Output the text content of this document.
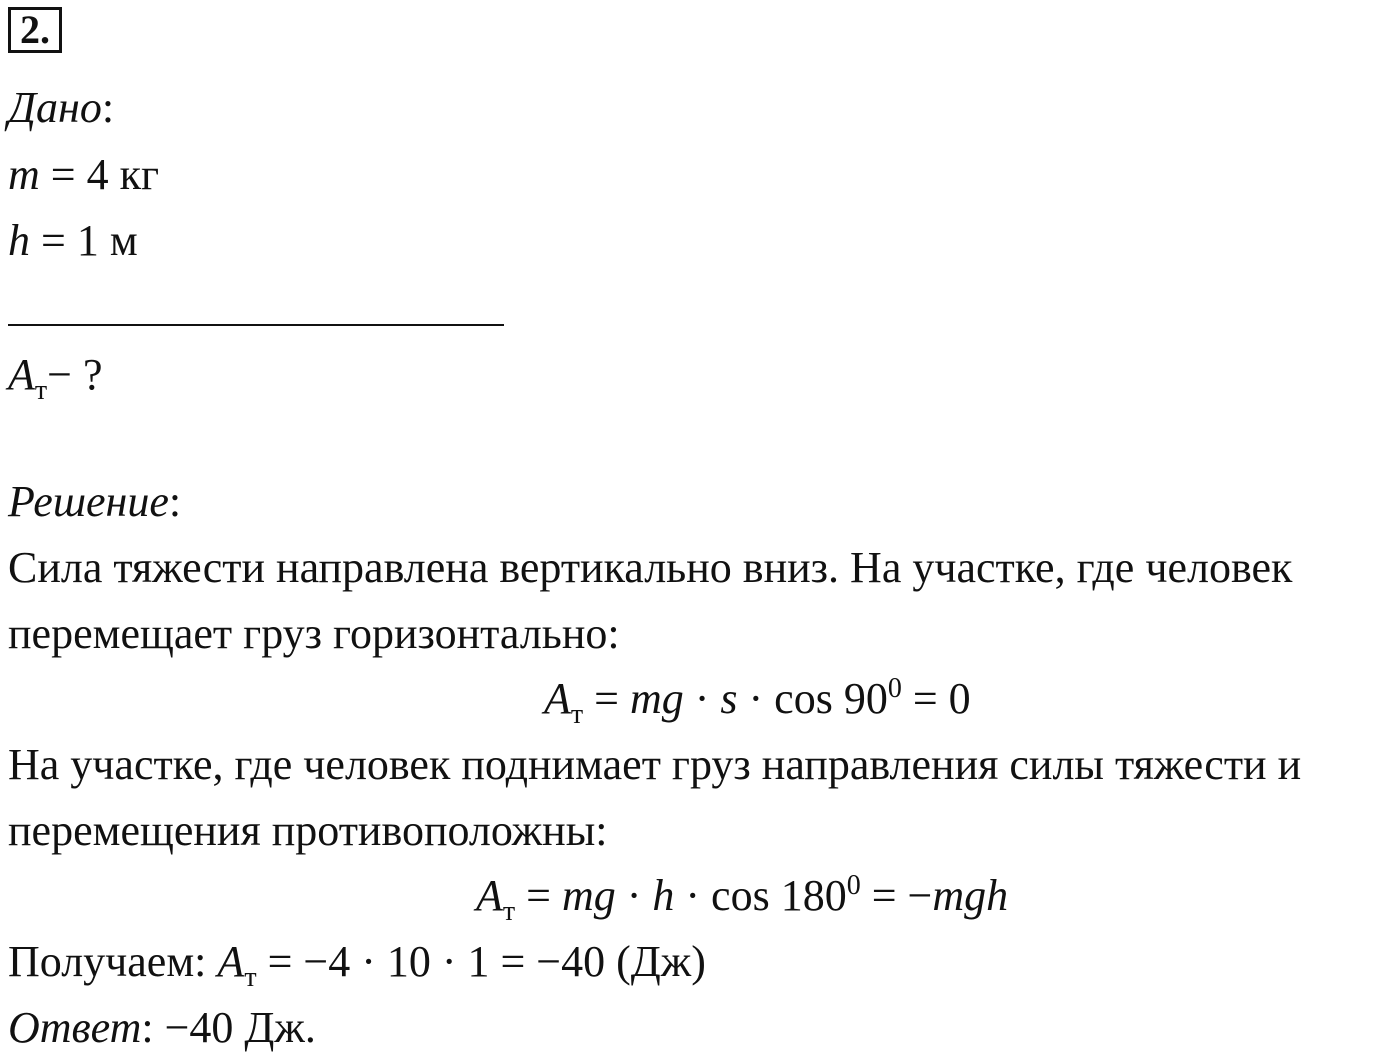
2.
Дано:
m = 4 кг
h = 1 м
$A_т-$ ?
Решение:
Сила тяжести направлена вертикально вниз. На участке, где человек
перемещает груз горизонтально:
$A_т$ = mg · $s \cdot \cos 90^0 = 0$
На участке, где человек поднимает груз направления силы тяжести и
перемещения противоположны:
$A_т$ = mg · $h \cdot \cos 180^0 = -mgh$
Получаем: $A_т = -4 \cdot 10 \cdot 1 = -40$ (Дж)
Ответ: −40 Дж.
